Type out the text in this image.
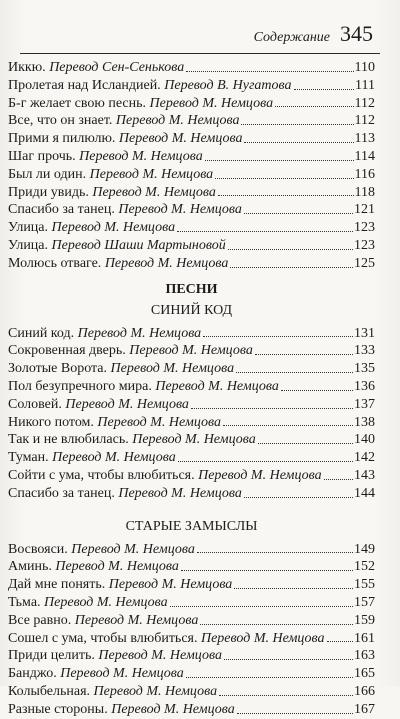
Содержание 345
Иккю. Перевод Сен-Сенькова	110
Пролетая над Исландией. Перевод В. Нугатова	111
Б-г желает свою песнь. Перевод М. Немцова	112
Все, что он знает. Перевод М. Немцова	112
Прими я пилюлю. Перевод М. Немцова	113
Шаг прочь. Перевод М. Немцова	114
Был ли один. Перевод М. Немцова	116
Приди увидь. Перевод М. Немцова	118
Спасибо за танец. Перевод М. Немцова	121
Улица. Перевод М. Немцова	123
Улица. Перевод Шаши Мартыновой	123
Молюсь отваге. Перевод М. Немцова	125
ПЕСНИ
СИНИЙ КОД
Синий код. Перевод М. Немцова	131
Сокровенная дверь. Перевод М. Немцова	133
Золотые Ворота. Перевод М. Немцова	135
Пол безупречного мира. Перевод М. Немцова	136
Соловей. Перевод М. Немцова	137
Никого потом. Перевод М. Немцова	138
Так и не влюбилась. Перевод М. Немцова	140
Туман. Перевод М. Немцова	142
Сойти с ума, чтобы влюбиться. Перевод М. Немцова 143
Спасибо за танец. Перевод М. Немцова	144
СТАРЫЕ ЗАМЫСЛЫ
Восвояси. Перевод М. Немцова	149
Аминь. Перевод М. Немцова	152
Дай мне понять. Перевод М. Немцова	155
Тьма. Перевод М. Немцова	157
Все равно. Перевод М. Немцова	159
Сошел с ума, чтобы влюбиться. Перевод М. Немцова 161
Приди целить. Перевод М. Немцова	163
Банджо. Перевод М. Немцова	165
Колыбельная. Перевод М. Немцова	166
Разные стороны. Перевод М. Немцова	167
